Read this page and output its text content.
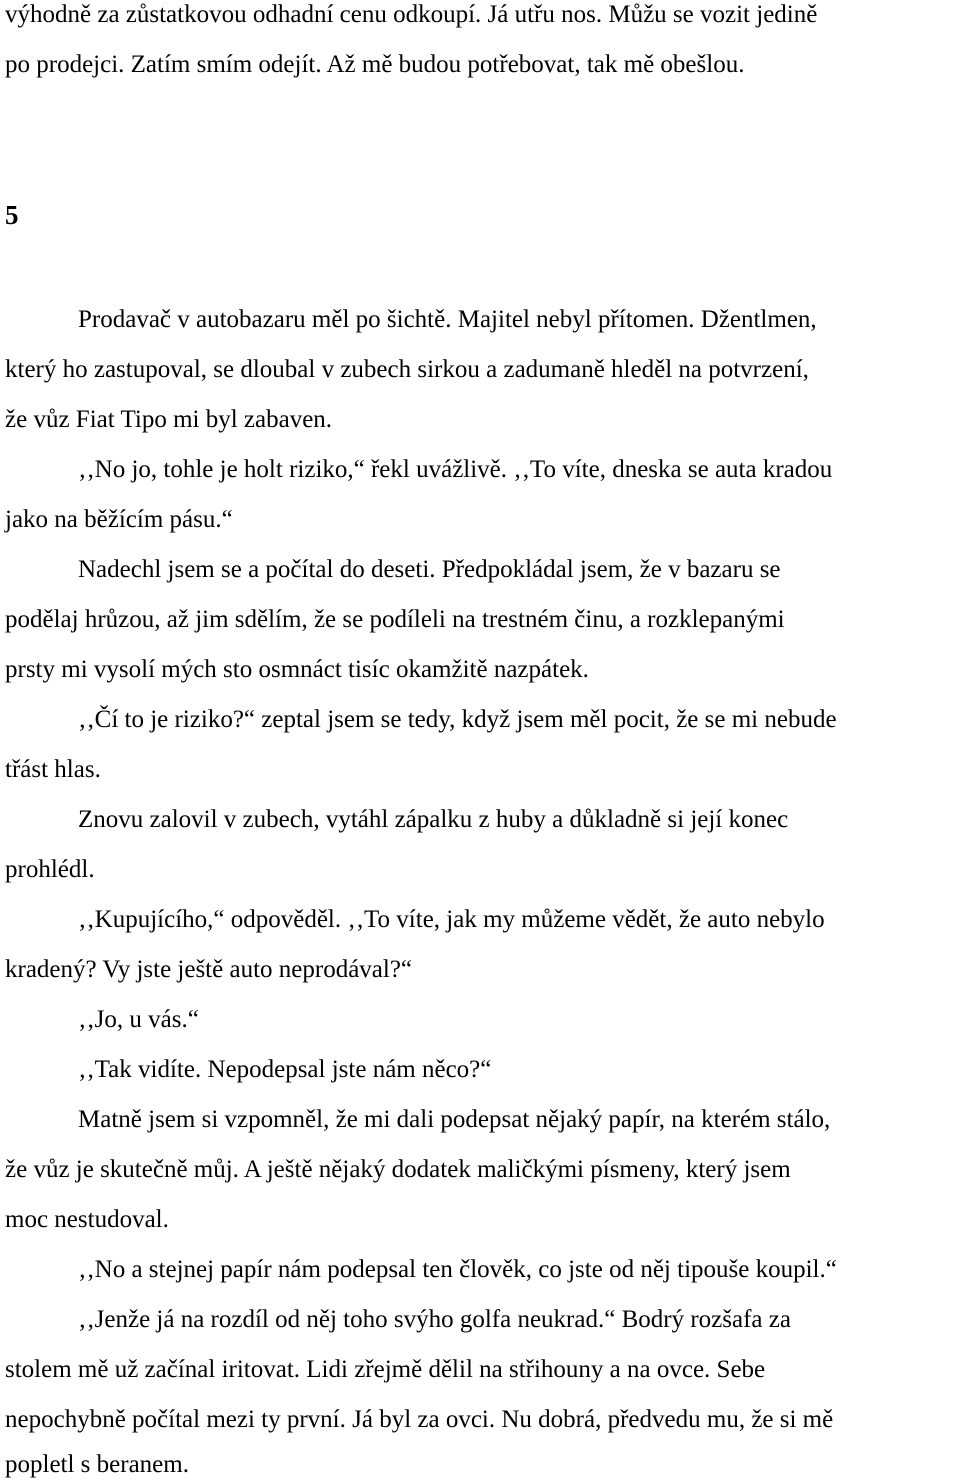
výhodně za zůstatkovou odhadní cenu odkoupí. Já utřu nos. Můžu se vozit jedině
po prodejci. Zatím smím odejít. Až mě budou potřebovat, tak mě obešlou.
5
Prodavač v autobazaru měl po šichtě. Majitel nebyl přítomen. Džentlmen,
který ho zastupoval, se dloubal v zubech sirkou a zadumaně hleděl na potvrzení,
že vůz Fiat Tipo mi byl zabaven.
‚‚No jo, tohle je holt riziko,“ řekl uvážlivě. ‚‚To víte, dneska se auta kradou
jako na běžícím pásu.“
Nadechl jsem se a počítal do deseti. Předpokládal jsem, že v bazaru se
podělaj hrůzou, až jim sdělím, že se podíleli na trestném činu, a rozklepanými
prsty mi vysolí mých sto osmnáct tisíc okamžitě nazpátek.
‚‚Čí to je riziko?“ zeptal jsem se tedy, když jsem měl pocit, že se mi nebude
třást hlas.
Znovu zalovil v zubech, vytáhl zápalku z huby a důkladně si její konec
prohlédl.
‚‚Kupujícího,“ odpověděl. ‚‚To víte, jak my můžeme vědět, že auto nebylo
kradený? Vy jste ještě auto neprodával?“
‚‚Jo, u vás.“
‚‚Tak vidíte. Nepodepsal jste nám něco?“
Matně jsem si vzpomněl, že mi dali podepsat nějaký papír, na kterém stálo,
že vůz je skutečně můj. A ještě nějaký dodatek maličkými písmeny, který jsem
moc nestudoval.
‚‚No a stejnej papír nám podepsal ten člověk, co jste od něj tipouše koupil.“
‚‚Jenže já na rozdíl od něj toho svýho golfa neukrad.“ Bodrý rozšafa za
stolem mě už začínal iritovat. Lidi zřejmě dělil na střihouny a na ovce. Sebe
nepochybně počítal mezi ty první. Já byl za ovci. Nu dobrá, předvedu mu, že si mě
popletl s beranem.
